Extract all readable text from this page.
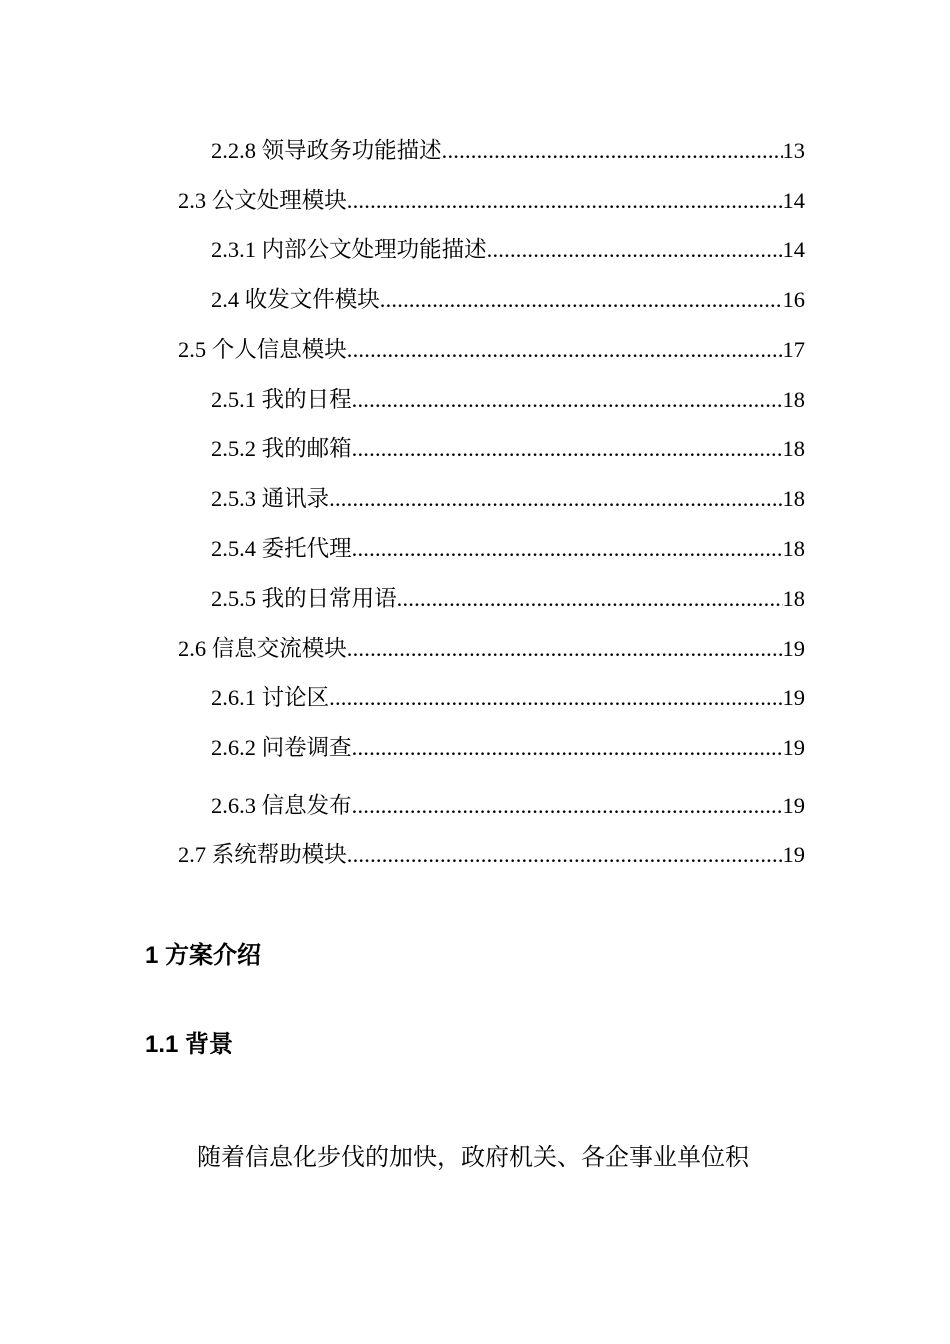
2.2.8 领导政务功能描述 .....	13
2.3 公文处理模块 .....	14
2.3.1 内部公文处理功能描述 .....	14
2.4 收发文件模块 .....	16
2.5 个人信息模块 .....	17
2.5.1 我的日程 .....	18
2.5.2 我的邮箱 .....	18
2.5.3 通讯录 .....	18
2.5.4 委托代理 .....	18
2.5.5 我的日常用语 .....	18
2.6 信息交流模块 .....	19
2.6.1 讨论区 .....	19
2.6.2 问卷调查 .....	19
2.6.3 信息发布 .....	19
2.7 系统帮助模块 .....	19
1 方案介绍
1.1 背景
随着信息化步伐的加快，政府机关、各企事业单位积
